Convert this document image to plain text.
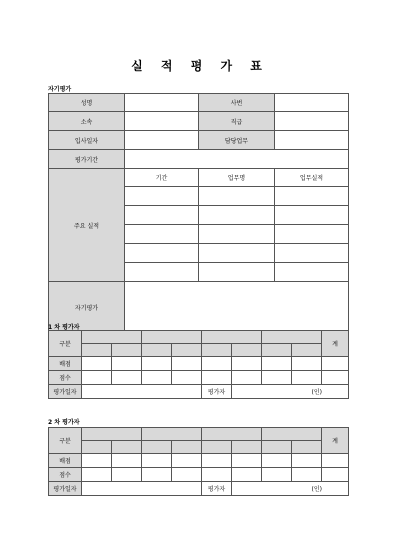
실 적 평 가 표
자기평가
성명		사번	
소속		직급	
입사일자		담당업무	
평가기간			
주요 실적	기간	업무명	업무실적

자기평가			
1 차 평가자
구분									계

배점									
점수									
평가일자					평가자	(인)			
2 차 평가자
구분									계

배점									
점수									
평가일자					평가자	(인)			
